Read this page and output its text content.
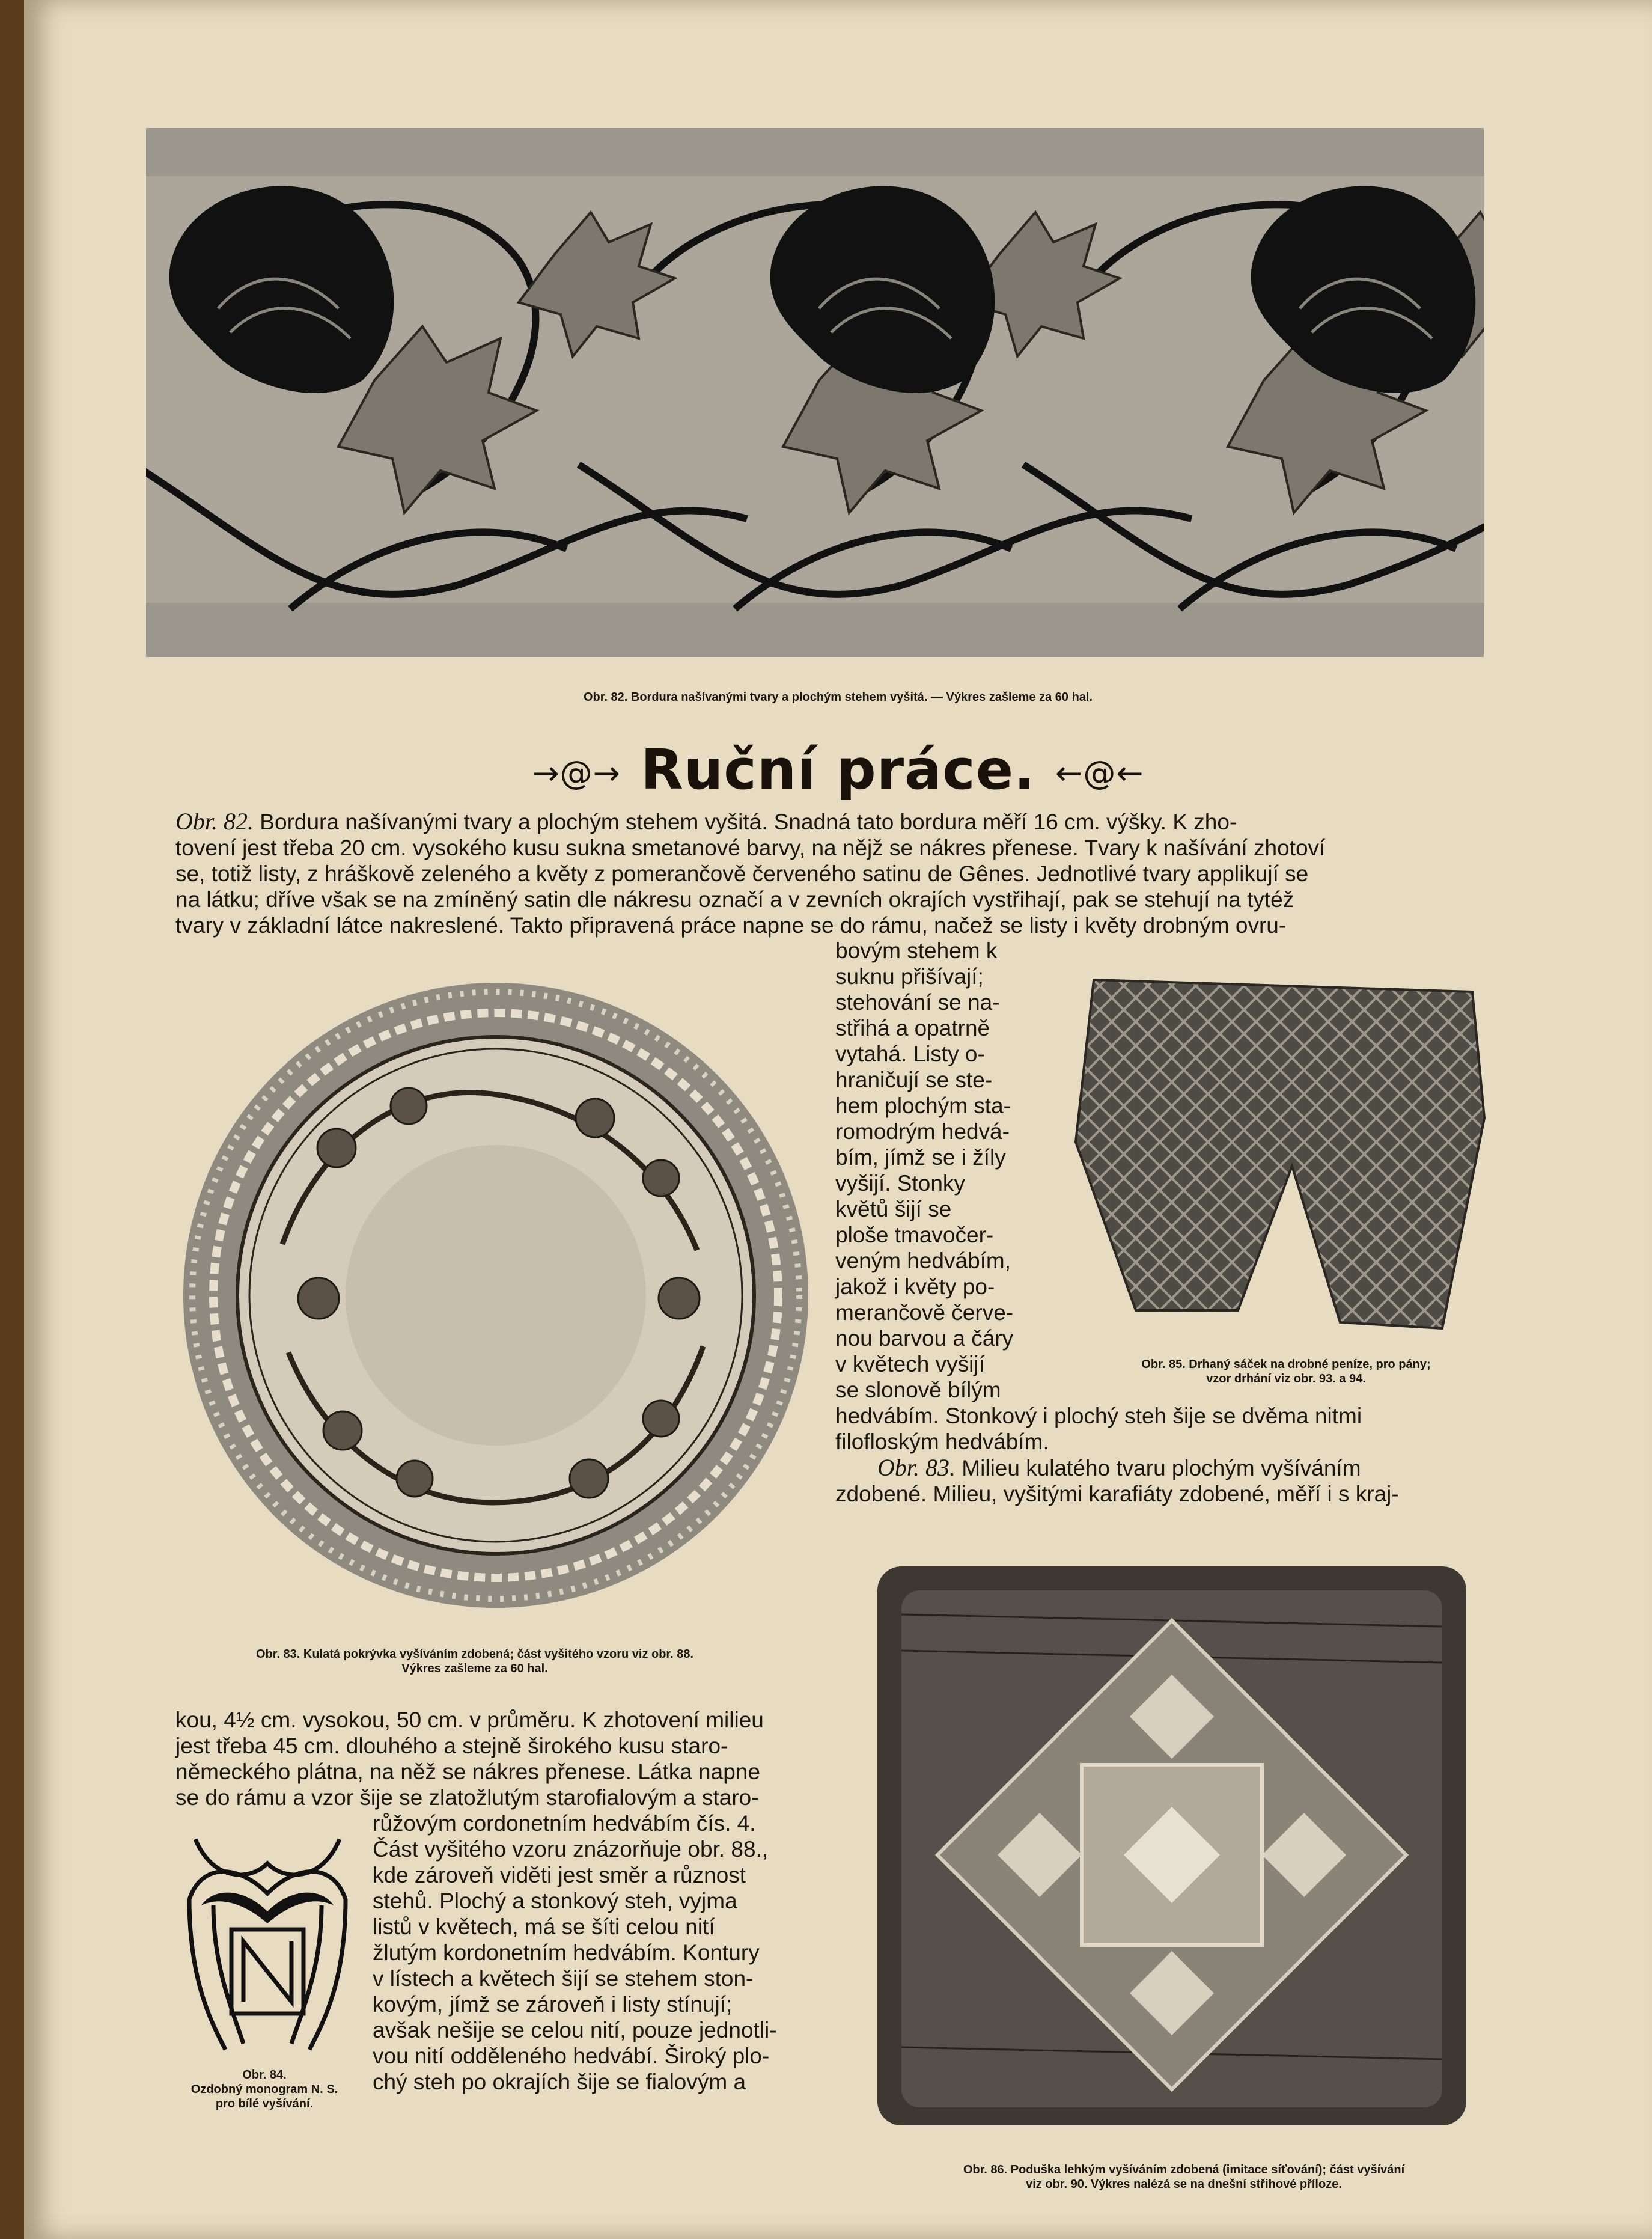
Obr. 82. Bordura našívanými tvary a plochým stehem vyšitá. — Výkres zašleme za 60 hal.
→@→ Ruční práce. ←@←
Obr. 82. Bordura našívanými tvary a plochým stehem vyšitá. Snadná tato bordura měří 16 cm. výšky. K zho-
tovení jest třeba 20 cm. vysokého kusu sukna smetanové barvy, na nějž se nákres přenese. Tvary k našívání zhotoví
se, totiž listy, z hráškově zeleného a květy z pomerančově červeného satinu de Gênes. Jednotlivé tvary applikují se
na látku; dříve však se na zmíněný satin dle nákresu označí a v zevních okrajích vystřihají, pak se stehují na tytéž
tvary v základní látce nakreslené. Takto připravená práce napne se do rámu, načež se listy i květy drobným ovru-
Obr. 83. Kulatá pokrývka vyšíváním zdobená; část vyšitého vzoru viz obr. 88.
Výkres zašleme za 60 hal.
bovým stehem k
suknu přišívají;
stehování se na-
střihá a opatrně
vytahá. Listy o-
hraničují se ste-
hem plochým sta-
romodrým hedvá-
bím, jímž se i žíly
vyšijí. Stonky
květů šijí se
ploše tmavočer-
veným hedvábím,
jakož i květy po-
merančově červe-
nou barvou a čáry
v květech vyšijí
se slonově bílým
Obr. 85. Drhaný sáček na drobné peníze, pro pány;
vzor drhání viz obr. 93. a 94.
hedvábím. Stonkový i plochý steh šije se dvěma nitmi
filofloským hedvábím.
Obr. 83. Milieu kulatého tvaru plochým vyšíváním
zdobené. Milieu, vyšitými karafiáty zdobené, měří i s kraj-
Obr. 86. Poduška lehkým vyšíváním zdobená (imitace síťování); část vyšívání
viz obr. 90. Výkres nalézá se na dnešní střihové příloze.
kou, 4½ cm. vysokou, 50 cm. v průměru. K zhotovení milieu
jest třeba 45 cm. dlouhého a stejně širokého kusu staro-
německého plátna, na něž se nákres přenese. Látka napne
se do rámu a vzor šije se zlatožlutým starofialovým a staro-
růžovým cordonetním hedvábím čís. 4.
Část vyšitého vzoru znázorňuje obr. 88.,
kde zároveň viděti jest směr a různost
stehů. Plochý a stonkový steh, vyjma
listů v květech, má se šíti celou nití
žlutým kordonetním hedvábím. Kontury
v lístech a květech šijí se stehem ston-
kovým, jímž se zároveň i listy stínují;
avšak nešije se celou nití, pouze jednotli-
vou nití odděleného hedvábí. Široký plo-
chý steh po okrajích šije se fialovým a
Obr. 84.
Ozdobný monogram N. S.
pro bílé vyšívání.
